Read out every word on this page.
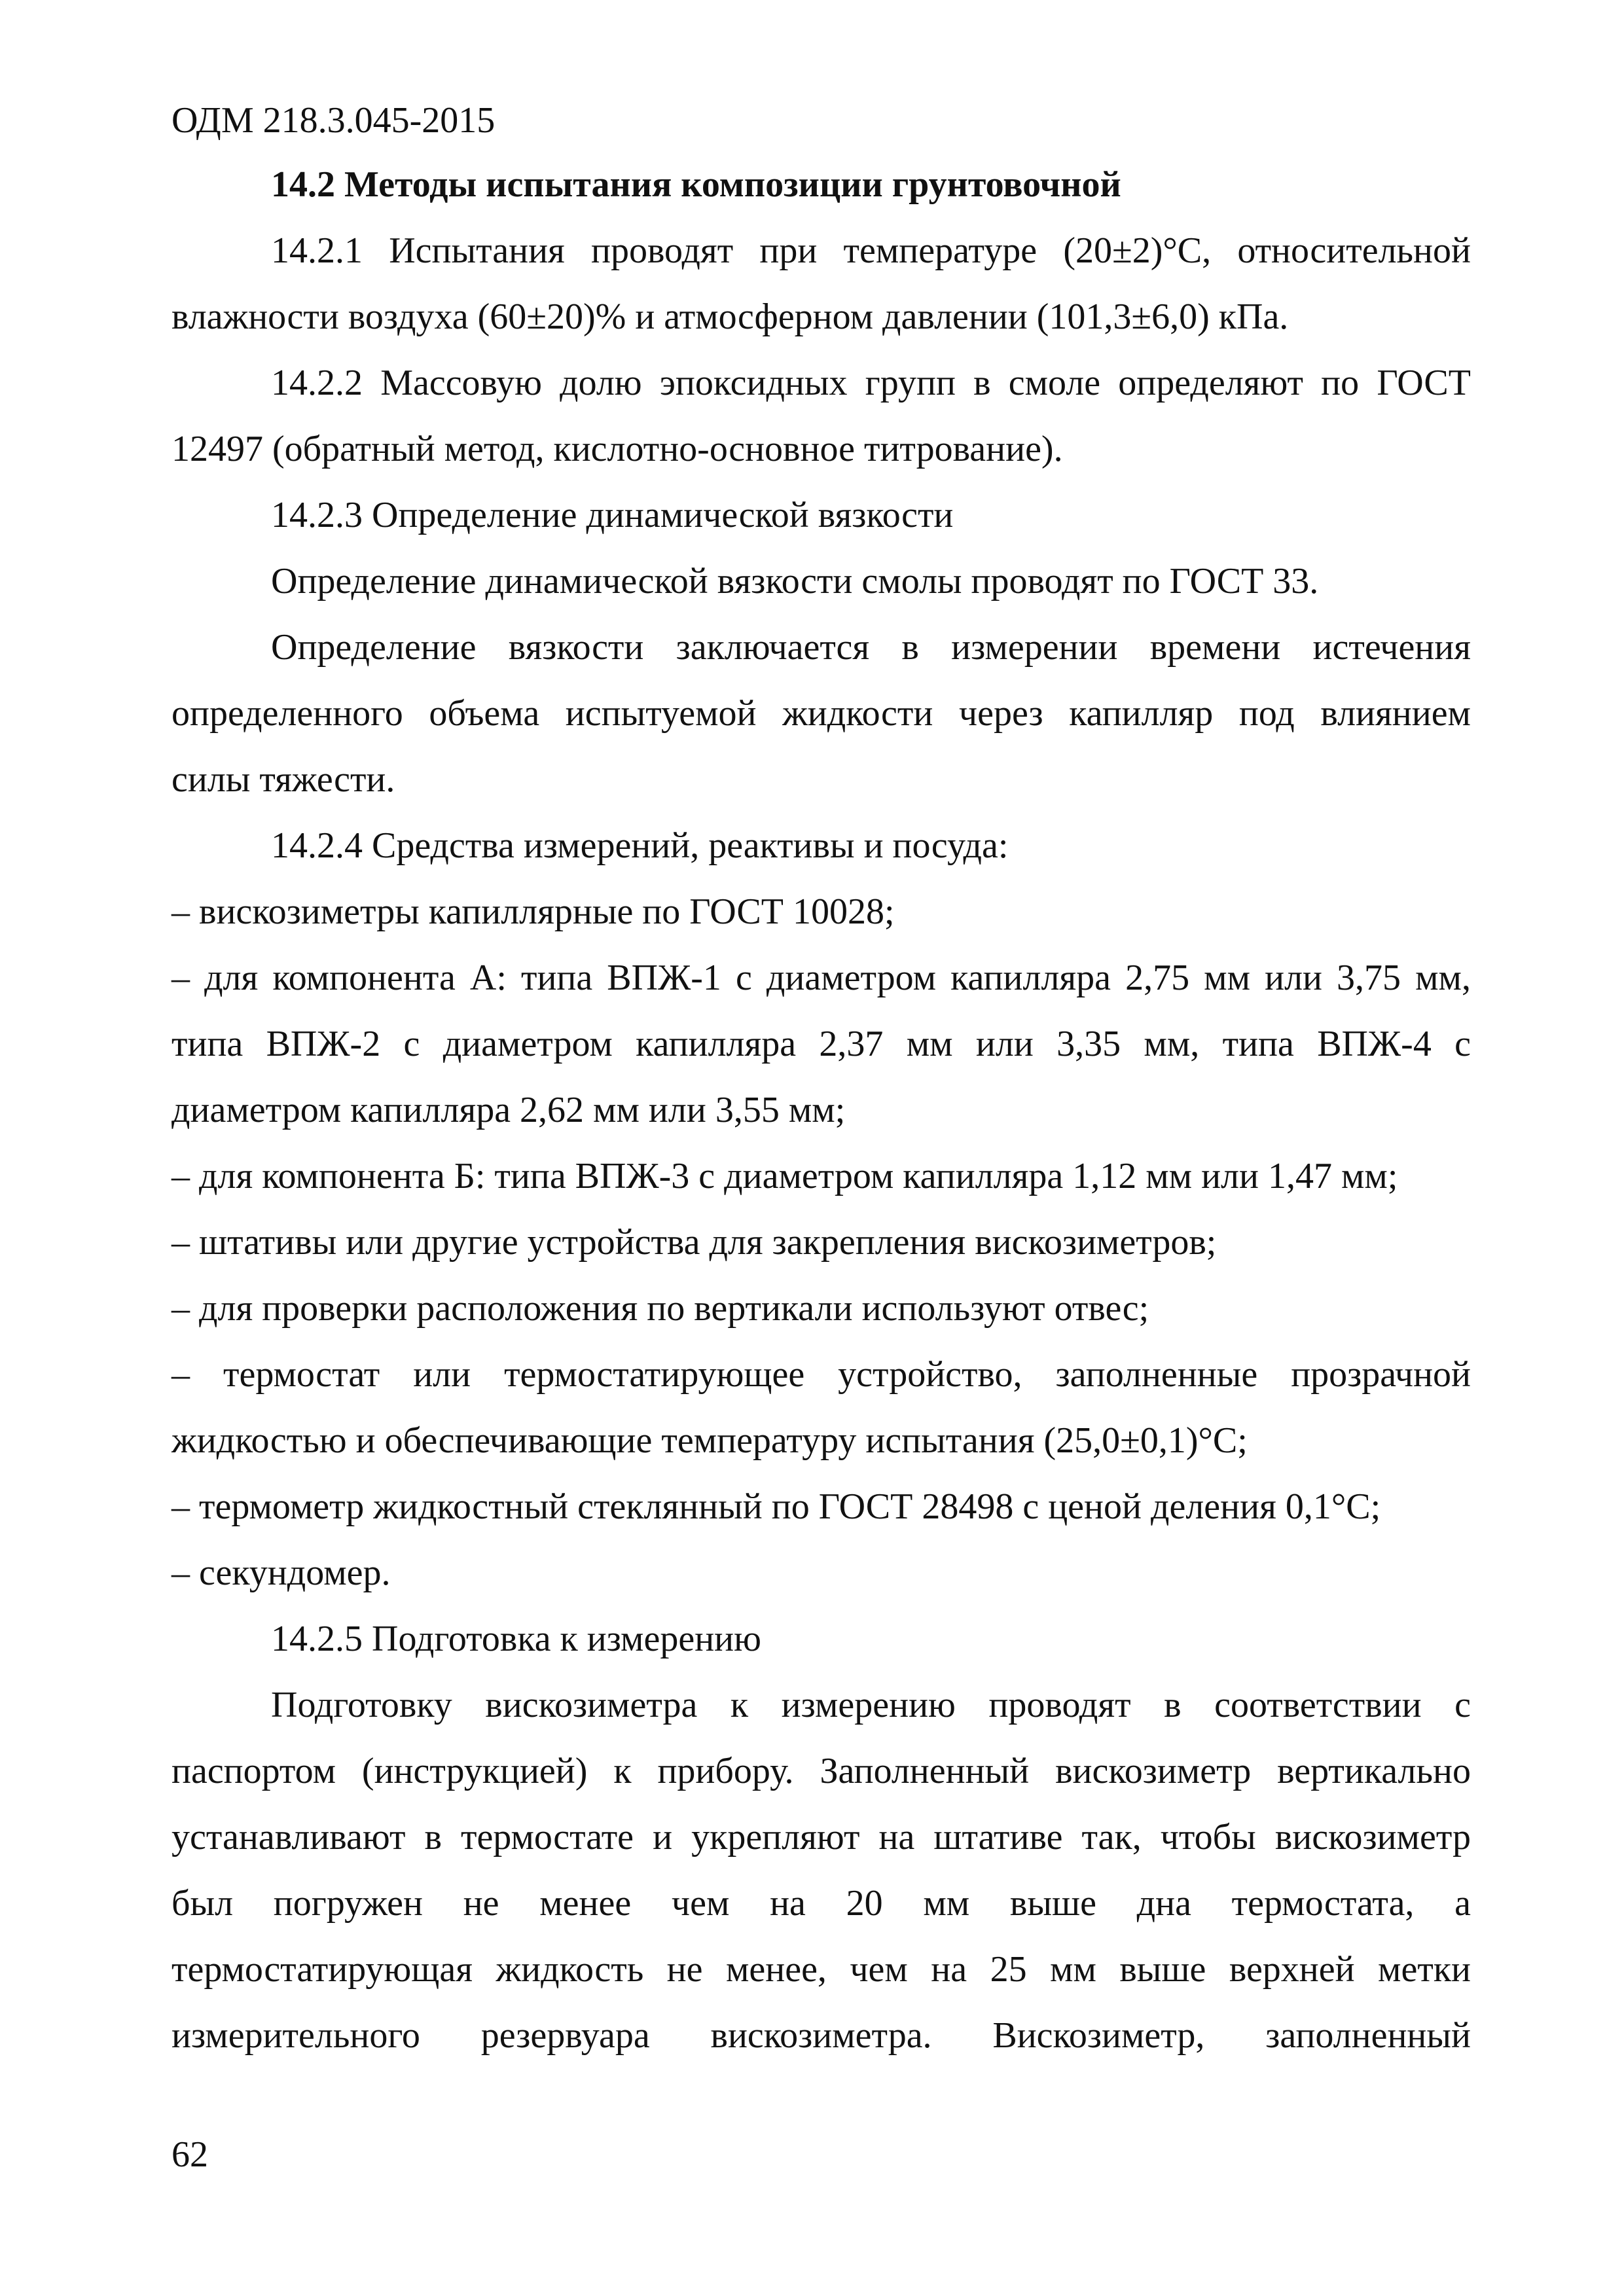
ОДМ 218.3.045-2015
14.2 Методы испытания композиции грунтовочной
14.2.1 Испытания проводят при температуре (20±2)°С, относительной
влажности воздуха (60±20)% и атмосферном давлении (101,3±6,0) кПа.
14.2.2 Массовую долю эпоксидных групп в смоле определяют по ГОСТ
12497 (обратный метод, кислотно-основное титрование).
14.2.3 Определение динамической вязкости
Определение динамической вязкости смолы проводят по ГОСТ 33.
Определение вязкости заключается в измерении времени истечения
определенного объема испытуемой жидкости через капилляр под влиянием
силы тяжести.
14.2.4 Средства измерений, реактивы и посуда:
– вискозиметры капиллярные по ГОСТ 10028;
– для компонента А: типа ВПЖ-1 с диаметром капилляра 2,75 мм или 3,75 мм,
типа ВПЖ-2 с диаметром капилляра 2,37 мм или 3,35 мм, типа ВПЖ-4 с
диаметром капилляра 2,62 мм или 3,55 мм;
– для компонента Б: типа ВПЖ-3 с диаметром капилляра 1,12 мм или 1,47 мм;
– штативы или другие устройства для закрепления вискозиметров;
– для проверки расположения по вертикали используют отвес;
– термостат или термостатирующее устройство, заполненные прозрачной
жидкостью и обеспечивающие температуру испытания (25,0±0,1)°С;
– термометр жидкостный стеклянный по ГОСТ 28498 с ценой деления 0,1°С;
– секундомер.
14.2.5 Подготовка к измерению
Подготовку вискозиметра к измерению проводят в соответствии с
паспортом (инструкцией) к прибору. Заполненный вискозиметр вертикально
устанавливают в термостате и укрепляют на штативе так, чтобы вискозиметр
был погружен не менее чем на 20 мм выше дна термостата, а
термостатирующая жидкость не менее, чем на 25 мм выше верхней метки
измерительного резервуара вискозиметра. Вискозиметр, заполненный
62
